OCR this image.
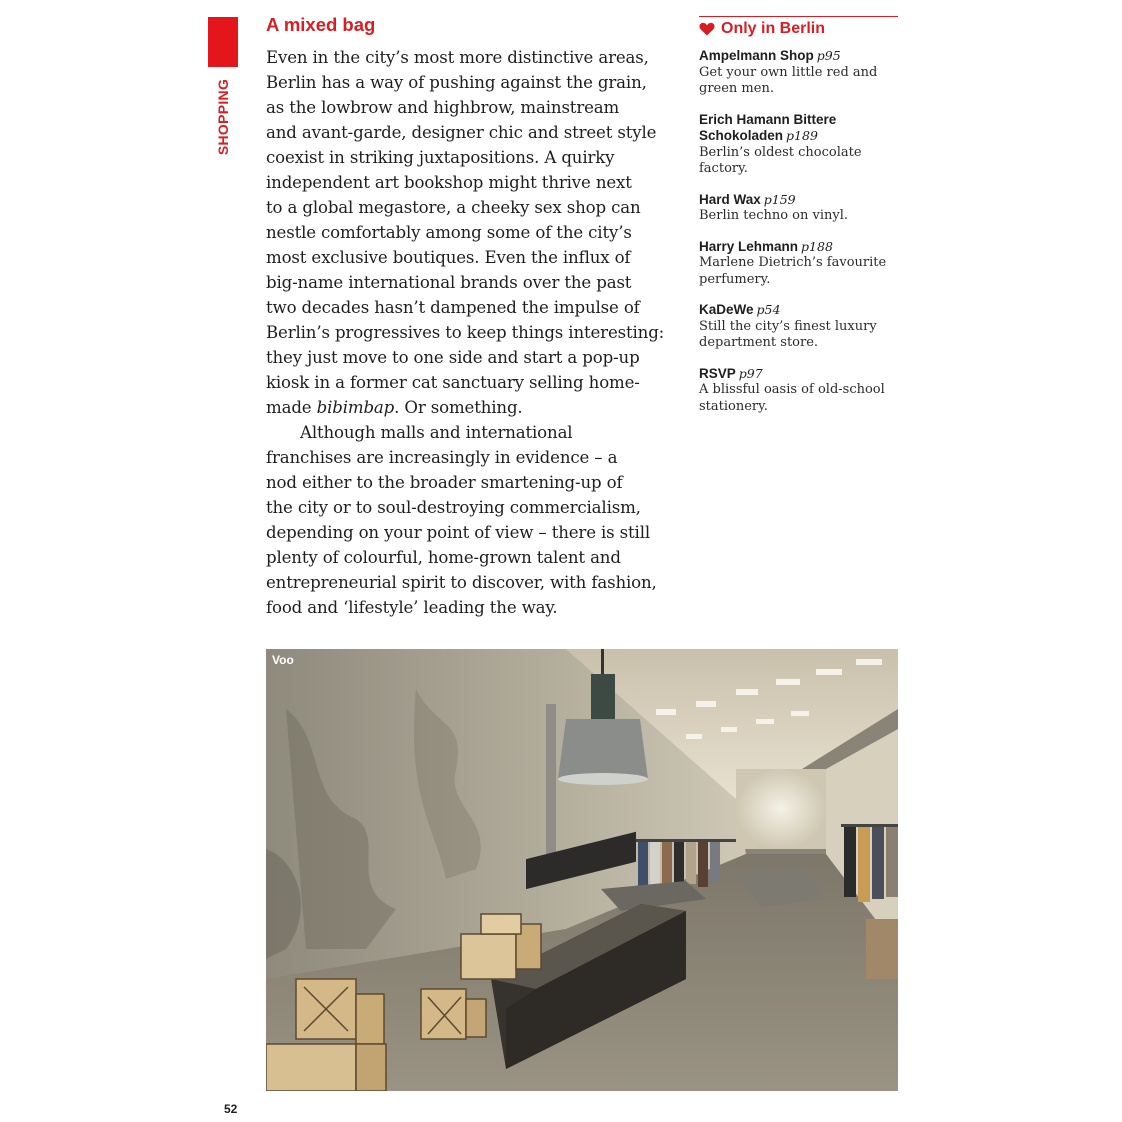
SHOPPING
A mixed bag

Even in the city’s most more distinctive areas,
Berlin has a way of pushing against the grain,
as the lowbrow and highbrow, mainstream
and avant-garde, designer chic and street style
coexist in striking juxtapositions. A quirky
independent art bookshop might thrive next
to a global megastore, a cheeky sex shop can
nestle comfortably among some of the city’s
most exclusive boutiques. Even the influx of
big-name international brands over the past
two decades hasn’t dampened the impulse of
Berlin’s progressives to keep things interesting:
they just move to one side and start a pop-up
kiosk in a former cat sanctuary selling home-
made bibimbap. Or something.

Although malls and international
franchises are increasingly in evidence – a
nod either to the broader smartening-up of
the city or to soul-destroying commercialism,
depending on your point of view – there is still
plenty of colourful, home-grown talent and
entrepreneurial spirit to discover, with fashion,
food and ‘lifestyle’ leading the way.

Only in Berlin
Ampelmann Shop p95
Get your own little red and
green men.
Erich Hamann Bittere
Schokoladen p189
Berlin’s oldest chocolate
factory.
Hard Wax p159
Berlin techno on vinyl.
Harry Lehmann p188
Marlene Dietrich’s favourite
perfumery.
KaDeWe p54
Still the city’s finest luxury
department store.
RSVP p97
A blissful oasis of old-school
stationery.
Voo
52
